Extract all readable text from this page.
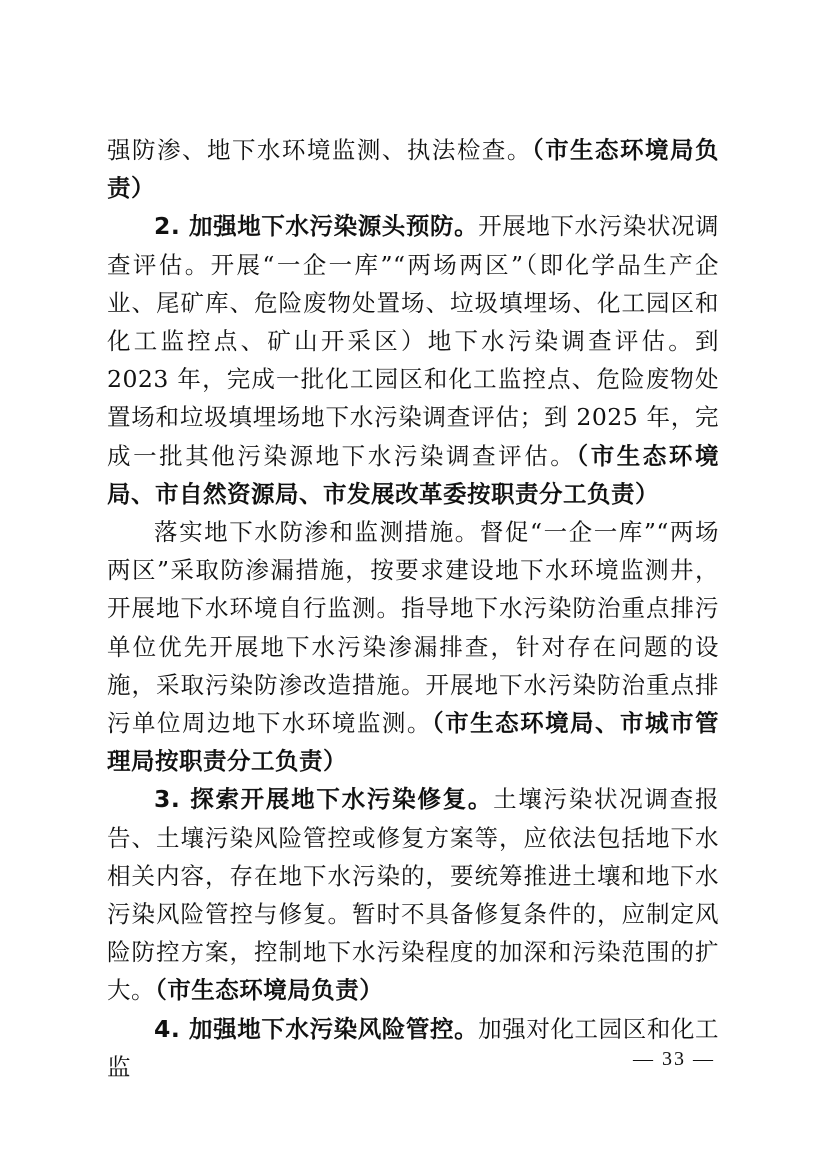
强防渗、地下水环境监测、执法检查。（市生态环境局负责）

2. 加强地下水污染源头预防。开展地下水污染状况调查评估。开展“一企一库”“两场两区”（即化学品生产企业、尾矿库、危险废物处置场、垃圾填埋场、化工园区和化工监控点、矿山开采区）地下水污染调查评估。到 2023 年，完成一批化工园区和化工监控点、危险废物处置场和垃圾填埋场地下水污染调查评估；到 2025 年，完成一批其他污染源地下水污染调查评估。（市生态环境局、市自然资源局、市发展改革委按职责分工负责）

落实地下水防渗和监测措施。督促“一企一库”“两场两区”采取防渗漏措施，按要求建设地下水环境监测井，开展地下水环境自行监测。指导地下水污染防治重点排污单位优先开展地下水污染渗漏排查，针对存在问题的设施，采取污染防渗改造措施。开展地下水污染防治重点排污单位周边地下水环境监测。（市生态环境局、市城市管理局按职责分工负责）

3. 探索开展地下水污染修复。土壤污染状况调查报告、土壤污染风险管控或修复方案等，应依法包括地下水相关内容，存在地下水污染的，要统筹推进土壤和地下水污染风险管控与修复。暂时不具备修复条件的，应制定风险防控方案，控制地下水污染程度的加深和污染范围的扩大。（市生态环境局负责）

4. 加强地下水污染风险管控。加强对化工园区和化工监	— 33 —
